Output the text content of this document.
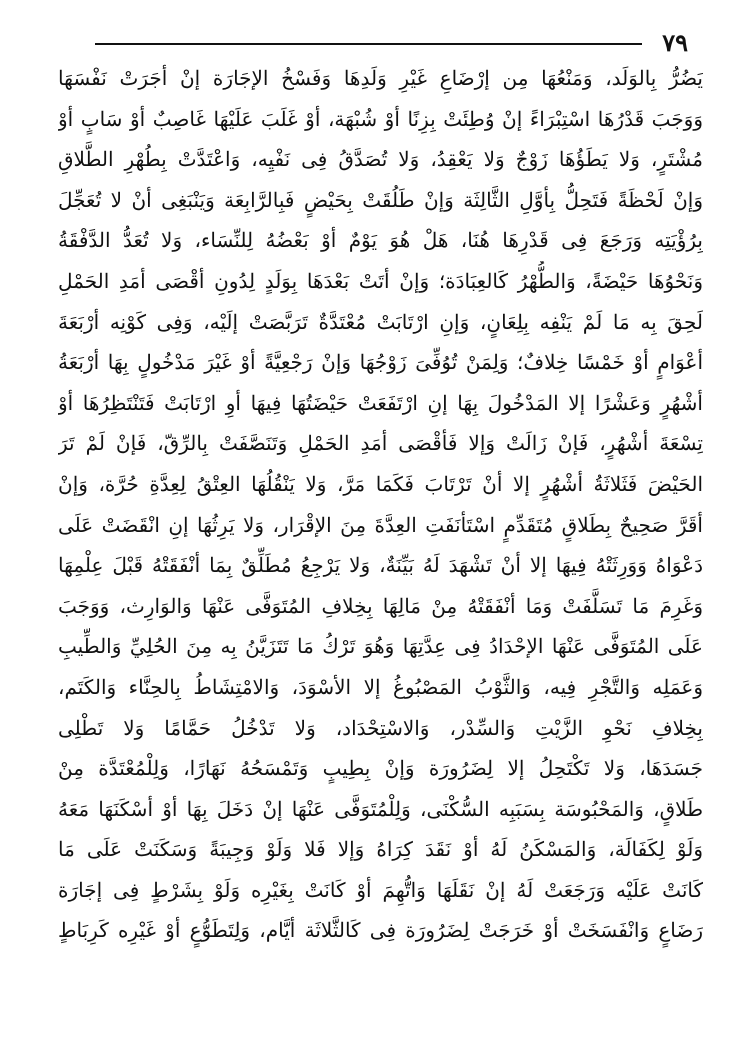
٧٩
يَضُرُّ بِالوَلَد، وَمَنْعُهَا مِن إرْضَاعِ غَيْرِ وَلَدِهَا وَفَسْخُ الإجَارَة إنْ أجَرَتْ نَفْسَهَا
وَوَجَبَ قَدْرُهَا اسْتِبْرَاءً إنْ وُطِئَتْ بِزِنًا أوْ شُبْهَة، أوْ غَلَبَ عَلَيْهَا غَاصِبٌ أوْ سَابٍ أوْ
مُشْتَرٍ، وَلا يَطَؤُهَا زَوْجٌ وَلا يَعْقِدُ، وَلا تُصَدَّقُ فِى نَفْيِه، وَاعْتَدَّتْ بِطُهْرِ الطَّلاقِ
وَإنْ لَحْظَةً فَتَحِلُّ بِأوَّلِ الثَّالِثَة وَإنْ طَلُقَتْ بِحَيْضٍ فَبِالرَّابِعَة وَيَنْبَغِى أنْ لا تُعَجِّلَ
بِرُؤْيَتِه وَرَجَعَ فِى قَدْرِهَا هُنَا، هَلْ هُوَ يَوْمٌ أوْ بَعْضُهُ لِلنِّسَاء، وَلا تُعَدُّ الدَّفْقَةُ
وَنَحْوُهَا حَيْضَةً، وَالطُّهْرُ كَالعِبَادَة؛ وَإنْ أتَتْ بَعْدَهَا بِوَلَدٍ لِدُونِ أقْصَى أمَدِ الحَمْلِ
لَحِقَ بِه مَا لَمْ يَنْفِه بِلِعَانٍ، وَإنِ ارْتَابَتْ مُعْتَدَّةٌ تَرَبَّصَتْ إلَيْه، وَفِى كَوْنِه أرْبَعَةَ
أعْوَامٍ أوْ خَمْسًا خِلافٌ؛ وَلِمَنْ تُوُفِّىَ زَوْجُهَا وَإنْ رَجْعِيَّةً أوْ غَيْرَ مَدْخُولٍ بِهَا أرْبَعَةُ
أشْهُرٍ وَعَشْرًا إلا المَدْخُولَ بِهَا إنِ ارْتَفَعَتْ حَيْضَتُهَا فِيهَا أوِ ارْتَابَتْ فَتَنْتَظِرُهَا أوْ
تِسْعَةَ أشْهُرٍ، فَإنْ زَالَتْ وَإلا فَأقْصَى أمَدِ الحَمْلِ وَتَنَصَّفَتْ بِالرِّقّ، فَإنْ لَمْ تَرَ
الحَيْضَ فَثَلاثَةُ أشْهُرٍ إلا أنْ تَرْتَابَ فَكَمَا مَرَّ، وَلا يَنْقُلُهَا العِتْقُ لِعِدَّةِ حُرَّة، وَإنْ
أقَرَّ صَحِيحٌ بِطَلاقٍ مُتَقَدِّمٍ اسْتَأنَفَتِ العِدَّةَ مِنَ الإقْرَار، وَلا يَرِثُهَا إنِ انْقَضَتْ عَلَى
دَعْوَاهُ وَوَرِثَتْهُ فِيهَا إلا أنْ تَشْهَدَ لَهُ بَيِّنَةٌ، وَلا يَرْجِعُ مُطَلِّقٌ بِمَا أنْفَقَتْهُ قَبْلَ عِلْمِهَا
وَغَرِمَ مَا تَسَلَّفَتْ وَمَا أنْفَقَتْهُ مِنْ مَالِهَا بِخِلافِ المُتَوَفَّى عَنْهَا وَالوَارِث، وَوَجَبَ
عَلَى المُتَوَفَّى عَنْهَا الإحْدَادُ فِى عِدَّتِهَا وَهُوَ تَرْكُ مَا تَتَزَيَّنُ بِه مِنَ الحُلِيِّ وَالطِّيبِ
وَعَمَلِه وَالتَّجْرِ فِيه، وَالثَّوْبُ المَصْبُوغُ إلا الأسْوَدَ، وَالامْتِشَاطُ بِالحِنَّاء وَالكَتَم،
بِخِلافِ نَحْوِ الزَّيْتِ وَالسِّدْر، وَالاسْتِحْدَاد، وَلا تَدْخُلُ حَمَّامًا وَلا تَطْلِى
جَسَدَهَا، وَلا تَكْتَحِلُ إلا لِضَرُورَة وَإنْ بِطِيبٍ وَتَمْسَحُهُ نَهَارًا، وَلِلْمُعْتَدَّة مِنْ
طَلاقٍ، وَالمَحْبُوسَة بِسَبَبِه السُّكْنَى، وَلِلْمُتَوَفَّى عَنْهَا إنْ دَخَلَ بِهَا أوْ أسْكَنَهَا مَعَهُ
وَلَوْ لِكَفَالَة، وَالمَسْكَنُ لَهُ أوْ نَقَدَ كِرَاهُ وَإلا فَلا وَلَوْ وَجِيبَةً وَسَكَنَتْ عَلَى مَا
كَانَتْ عَلَيْه وَرَجَعَتْ لَهُ إنْ نَقَلَهَا وَاتُّهِمَ أوْ كَانَتْ بِغَيْرِه وَلَوْ بِشَرْطٍ فِى إجَارَة
رَضَاعٍ وَانْفَسَخَتْ أوْ خَرَجَتْ لِضَرُورَة فِى كَالثَّلاثَة أيَّام، وَلِتَطَوُّعٍ أوْ غَيْرِه كَرِبَاطٍ
